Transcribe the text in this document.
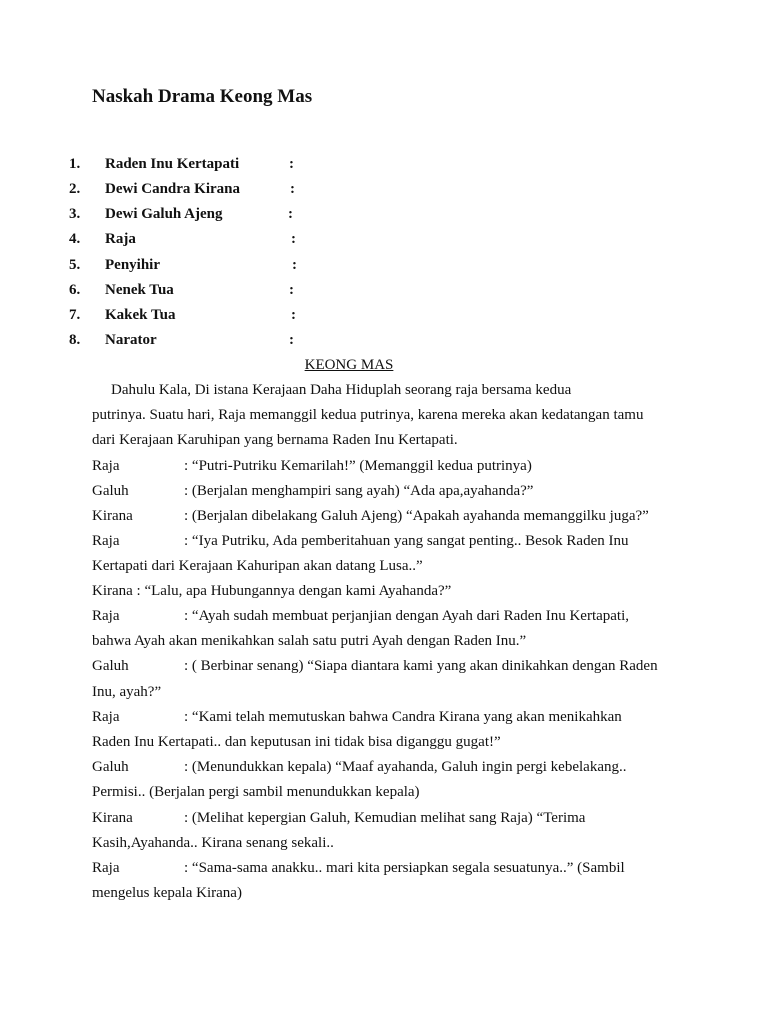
Naskah Drama Keong Mas
1. Raden Inu Kertapati	:
2. Dewi Candra Kirana	:
3. Dewi Galuh Ajeng	:
4. Raja	:
5. Penyihir	:
6. Nenek Tua	:
7. Kakek Tua	:
8. Narator	:
KEONG MAS
Dahulu Kala, Di istana Kerajaan Daha Hiduplah seorang raja bersama kedua
putrinya. Suatu hari, Raja memanggil kedua putrinya, karena mereka akan kedatangan tamu
dari Kerajaan Karuhipan yang bernama Raden Inu Kertapati.
Raja	: “Putri-Putriku Kemarilah!” (Memanggil kedua putrinya)
Galuh	: (Berjalan menghampiri sang ayah) “Ada apa,ayahanda?”
Kirana	: (Berjalan dibelakang Galuh Ajeng) “Apakah ayahanda memanggilku juga?”
Raja	: “Iya Putriku, Ada pemberitahuan yang sangat penting.. Besok Raden Inu
Kertapati dari Kerajaan Kahuripan akan datang Lusa..”
Kirana : “Lalu, apa Hubungannya dengan kami Ayahanda?”
Raja	: “Ayah sudah membuat perjanjian dengan Ayah dari Raden Inu Kertapati,
bahwa Ayah akan menikahkan salah satu putri Ayah dengan Raden Inu.”
Galuh	: ( Berbinar senang) “Siapa diantara kami yang akan dinikahkan dengan Raden
Inu, ayah?”
Raja	: “Kami telah memutuskan bahwa Candra Kirana yang akan menikahkan
Raden Inu Kertapati.. dan keputusan ini tidak bisa diganggu gugat!”
Galuh	: (Menundukkan kepala) “Maaf ayahanda, Galuh ingin pergi kebelakang..
Permisi.. (Berjalan pergi sambil menundukkan kepala)
Kirana	: (Melihat kepergian Galuh, Kemudian melihat sang Raja) “Terima
Kasih,Ayahanda.. Kirana senang sekali..
Raja	: “Sama-sama anakku.. mari kita persiapkan segala sesuatunya..” (Sambil
mengelus kepala Kirana)
